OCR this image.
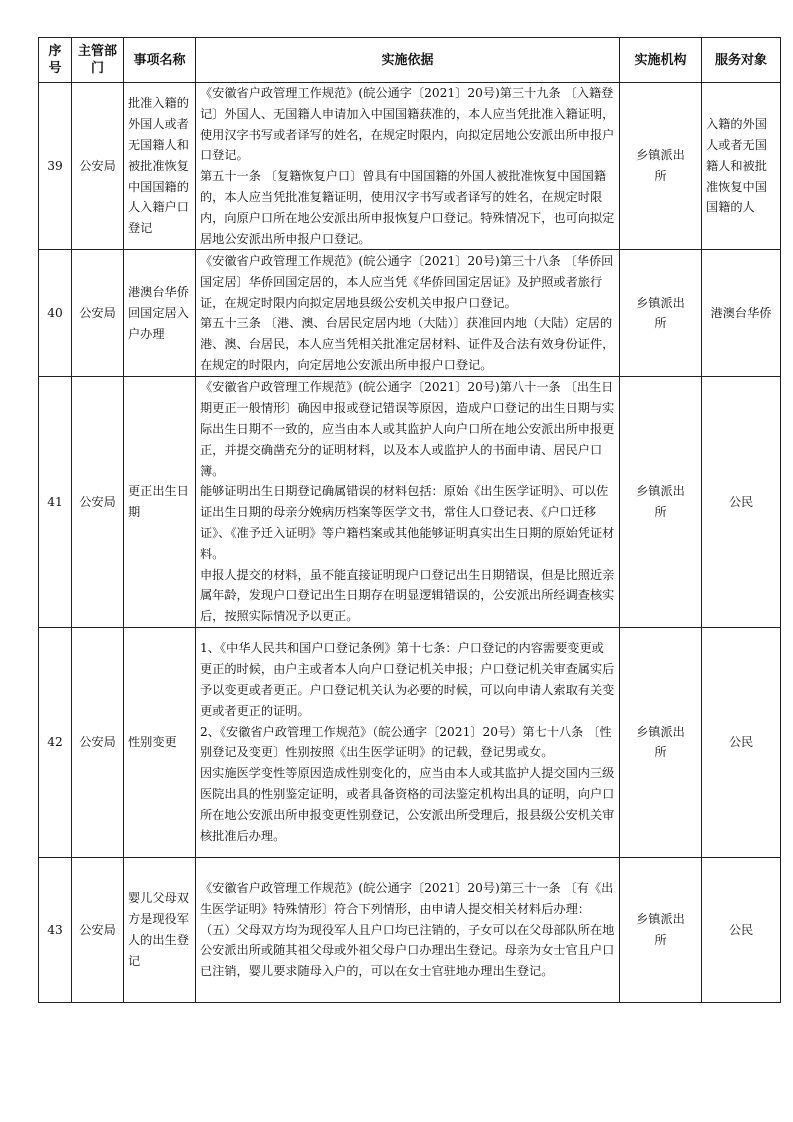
序号	主管部门	事项名称	实施依据	实施机构	服务对象
39	公安局	批准入籍的外国人或者无国籍人和被批准恢复中国国籍的人入籍户口登记	《安徽省户政管理工作规范》(皖公通字〔2021〕20号)第三十九条 〔入籍登记〕外国人、无国籍人申请加入中国国籍获准的，本人应当凭批准入籍证明，使用汉字书写或者译写的姓名，在规定时限内，向拟定居地公安派出所申报户口登记。

第五十一条 〔复籍恢复户口〕曾具有中国国籍的外国人被批准恢复中国国籍的，本人应当凭批准复籍证明，使用汉字书写或者译写的姓名，在规定时限内，向原户口所在地公安派出所申报恢复户口登记。特殊情况下，也可向拟定居地公安派出所申报户口登记。	乡镇派出所	入籍的外国人或者无国籍人和被批准恢复中国国籍的人
40	公安局	港澳台华侨回国定居入户办理	《安徽省户政管理工作规范》(皖公通字〔2021〕20号)第三十八条 〔华侨回国定居〕华侨回国定居的，本人应当凭《华侨回国定居证》及护照或者旅行证，在规定时限内向拟定居地县级公安机关申报户口登记。

第五十三条 〔港、澳、台居民定居内地（大陆）〕获准回内地（大陆）定居的港、澳、台居民，本人应当凭相关批准定居材料、证件及合法有效身份证件，在规定的时限内，向定居地公安派出所申报户口登记。	乡镇派出所	港澳台华侨
41	公安局	更正出生日期	《安徽省户政管理工作规范》(皖公通字〔2021〕20号)第八十一条 〔出生日期更正一般情形〕确因申报或登记错误等原因，造成户口登记的出生日期与实际出生日期不一致的，应当由本人或其监护人向户口所在地公安派出所申报更正，并提交确凿充分的证明材料，以及本人或监护人的书面申请、居民户口簿。

能够证明出生日期登记确属错误的材料包括：原始《出生医学证明》、可以佐证出生日期的母亲分娩病历档案等医学文书，常住人口登记表、《户口迁移证》、《准予迁入证明》等户籍档案或其他能够证明真实出生日期的原始凭证材料。

申报人提交的材料，虽不能直接证明现户口登记出生日期错误，但是比照近亲属年龄，发现户口登记出生日期存在明显逻辑错误的，公安派出所经调查核实后，按照实际情况予以更正。	乡镇派出所	公民
42	公安局	性别变更	1、《中华人民共和国户口登记条例》第十七条：户口登记的内容需要变更或更正的时候，由户主或者本人向户口登记机关申报；户口登记机关审查属实后予以变更或者更正。户口登记机关认为必要的时候，可以向申请人索取有关变更或者更正的证明。

2、《安徽省户政管理工作规范》（皖公通字〔2021〕20号）第七十八条 〔性别登记及变更〕性别按照《出生医学证明》的记载，登记男或女。

因实施医学变性等原因造成性别变化的，应当由本人或其监护人提交国内三级医院出具的性别鉴定证明，或者具备资格的司法鉴定机构出具的证明，向户口所在地公安派出所申报变更性别登记，公安派出所受理后，报县级公安机关审核批准后办理。	乡镇派出所	公民
43	公安局	婴儿父母双方是现役军人的出生登记	《安徽省户政管理工作规范》(皖公通字〔2021〕20号)第三十一条 〔有《出生医学证明》特殊情形〕符合下列情形，由申请人提交相关材料后办理：

（五）父母双方均为现役军人且户口均已注销的，子女可以在父母部队所在地公安派出所或随其祖父母或外祖父母户口办理出生登记。母亲为女士官且户口已注销，婴儿要求随母入户的，可以在女士官驻地办理出生登记。	乡镇派出所	公民
